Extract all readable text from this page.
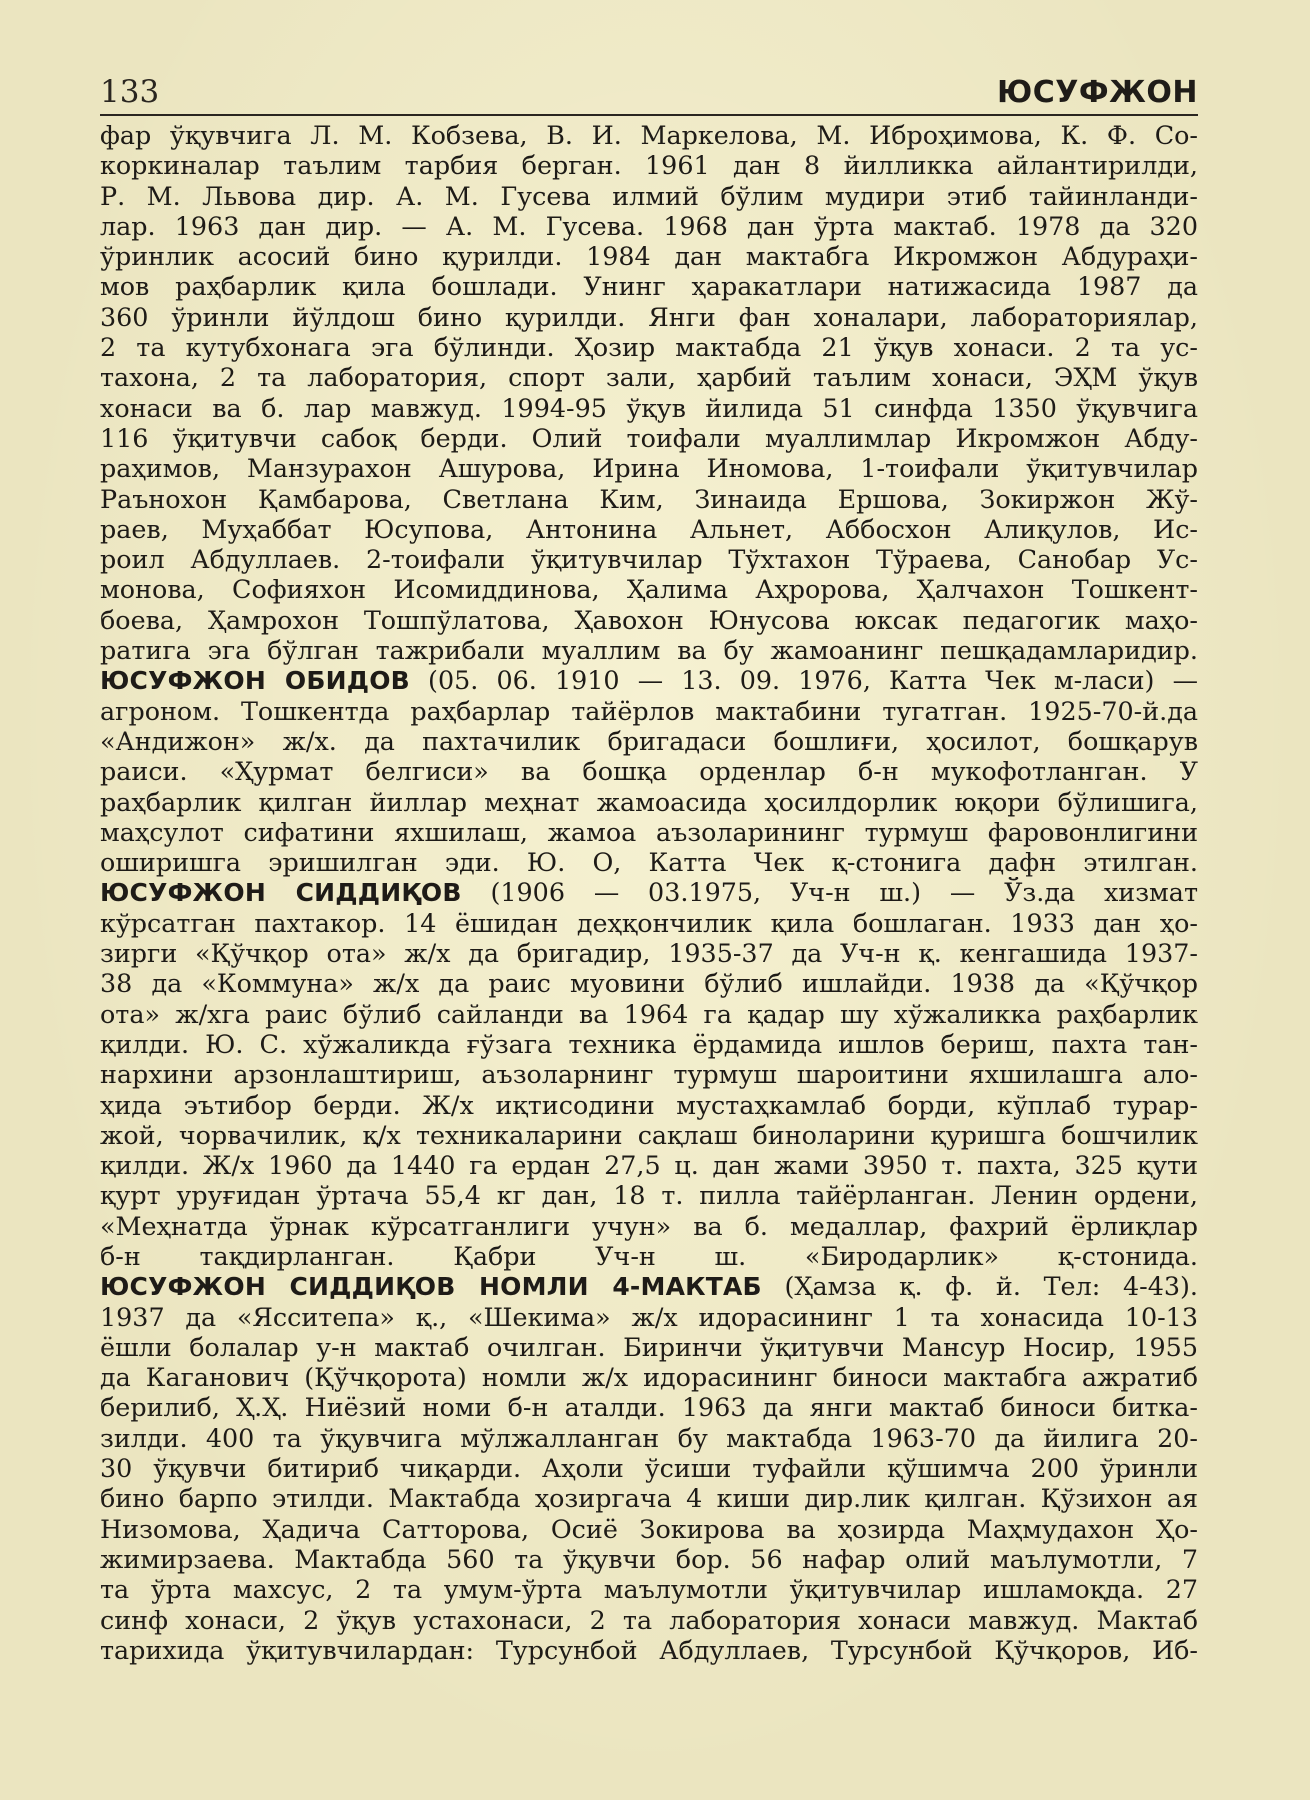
133	ЮСУФЖОН
фар ўқувчига Л. М. Кобзева, В. И. Маркелова, М. Иброҳимова, К. Ф. Со-
коркиналар таълим тарбия берган. 1961 дан 8 йилликка айлантирилди,
Р. М. Львова дир. А. М. Гусева илмий бўлим мудири этиб тайинланди-
лар. 1963 дан дир. — А. М. Гусева. 1968 дан ўрта мактаб. 1978 да 320
ўринлик асосий бино қурилди. 1984 дан мактабга Икромжон Абдураҳи-
мов раҳбарлик қила бошлади. Унинг ҳаракатлари натижасида 1987 да
360 ўринли йўлдош бино қурилди. Янги фан хоналари, лабораториялар,
2 та кутубхонага эга бўлинди. Ҳозир мактабда 21 ўқув хонаси. 2 та ус-
тахона, 2 та лаборатория, спорт зали, ҳарбий таълим хонаси, ЭҲМ ўқув
хонаси ва б. лар мавжуд. 1994-95 ўқув йилида 51 синфда 1350 ўқувчига
116 ўқитувчи сабоқ берди. Олий тоифали муаллимлар Икромжон Абду-
раҳимов, Манзурахон Ашурова, Ирина Иномова, 1-тоифали ўқитувчилар
Раънохон Қамбарова, Светлана Ким, Зинаида Ершова, Зокиржон Жў-
раев, Муҳаббат Юсупова, Антонина Альнет, Аббосхон Алиқулов, Ис-
роил Абдуллаев. 2-тоифали ўқитувчилар Тўхтахон Тўраева, Санобар Ус-
монова, Софияхон Исомиддинова, Ҳалима Аҳророва, Ҳалчахон Тошкент-
боева, Ҳамрохон Тошпўлатова, Ҳавохон Юнусова юксак педагогик маҳо-
ратига эга бўлган тажрибали муаллим ва бу жамоанинг пешқадамларидир.
ЮСУФЖОН ОБИДОВ (05. 06. 1910 — 13. 09. 1976, Катта Чек м-ласи) —
агроном. Тошкентда раҳбарлар тайёрлов мактабини тугатган. 1925-70-й.да
«Андижон» ж/х. да пахтачилик бригадаси бошлиғи, ҳосилот, бошқарув
раиси. «Ҳурмат белгиси» ва бошқа орденлар б-н мукофотланган. У
раҳбарлик қилган йиллар меҳнат жамоасида ҳосилдорлик юқори бўлишига,
маҳсулот сифатини яхшилаш, жамоа аъзоларининг турмуш фаровонлигини
оширишга эришилган эди. Ю. О, Катта Чек қ-стонига дафн этилган.
ЮСУФЖОН СИДДИҚОВ (1906 — 03.1975, Уч-н ш.) — Ўз.да хизмат
кўрсатган пахтакор. 14 ёшидан деҳқончилик қила бошлаган. 1933 дан ҳо-
зирги «Қўчқор ота» ж/х да бригадир, 1935-37 да Уч-н қ. кенгашида 1937-
38 да «Коммуна» ж/х да раис муовини бўлиб ишлайди. 1938 да «Қўчқор
ота» ж/хга раис бўлиб сайланди ва 1964 га қадар шу хўжаликка раҳбарлик
қилди. Ю. С. хўжаликда ғўзага техника ёрдамида ишлов бериш, пахта тан-
нархини арзонлаштириш, аъзоларнинг турмуш шароитини яхшилашга ало-
ҳида эътибор берди. Ж/х иқтисодини мустаҳкамлаб борди, кўплаб турар-
жой, чорвачилик, қ/х техникаларини сақлаш биноларини қуришга бошчилик
қилди. Ж/х 1960 да 1440 га ердан 27,5 ц. дан жами 3950 т. пахта, 325 қути
қурт уруғидан ўртача 55,4 кг дан, 18 т. пилла тайёрланган. Ленин ордени,
«Меҳнатда ўрнак кўрсатганлиги учун» ва б. медаллар, фахрий ёрлиқлар
б-н тақдирланган. Қабри Уч-н ш. «Биродарлик» қ-стонида.
ЮСУФЖОН СИДДИҚОВ НОМЛИ 4-МАКТАБ (Ҳамза қ. ф. й. Тел: 4-43).
1937 да «Ясситепа» қ., «Шекима» ж/х идорасининг 1 та хонасида 10-13
ёшли болалар у-н мактаб очилган. Биринчи ўқитувчи Мансур Носир, 1955
да Каганович (Қўчқорота) номли ж/х идорасининг биноси мактабга ажратиб
берилиб, Ҳ.Ҳ. Ниёзий номи б-н аталди. 1963 да янги мактаб биноси битка-
зилди. 400 та ўқувчига мўлжалланган бу мактабда 1963-70 да йилига 20-
30 ўқувчи битириб чиқарди. Аҳоли ўсиши туфайли қўшимча 200 ўринли
бино барпо этилди. Мактабда ҳозиргача 4 киши дир.лик қилган. Қўзихон ая
Низомова, Ҳадича Сатторова, Осиё Зокирова ва ҳозирда Маҳмудахон Ҳо-
жимирзаева. Мактабда 560 та ўқувчи бор. 56 нафар олий маълумотли, 7
та ўрта махсус, 2 та умум-ўрта маълумотли ўқитувчилар ишламоқда. 27
синф хонаси, 2 ўқув устахонаси, 2 та лаборатория хонаси мавжуд. Мактаб
тарихида ўқитувчилардан: Турсунбой Абдуллаев, Турсунбой Қўчқоров, Иб-
